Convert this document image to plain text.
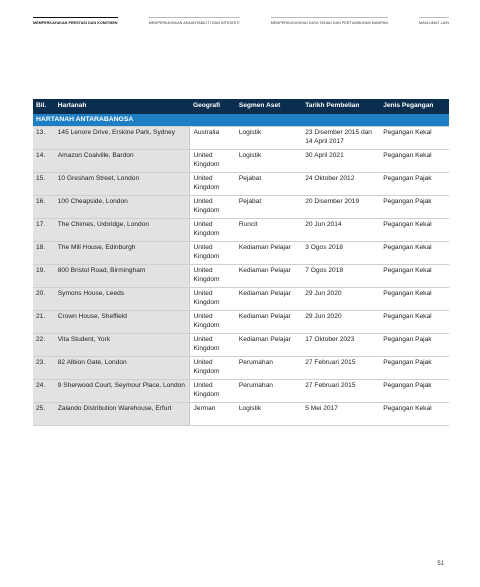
MEMPERKAYAKAN PRESTASI DAN KOMITMEN	MEMPERKAYAKAN AKAUNTABILITI DAN INTEGRITI	MEMPERKUKUHKAN DAYA TAHAN DAN PERTUMBUHAN MAMPAN	MAKLUMAT LAIN
Bil.	Hartanah	Geografi	Segmen Aset	Tarikh Pembelian	Jenis Pegangan
HARTANAH ANTARABANGSA					
13.	145 Lenore Drive, Erskine Park, Sydney	Australia	Logistik	23 Disember 2015 dan 14 April 2017	Pegangan Kekal
14.	Amazon Coalville, Bardon	United Kingdom	Logistik	30 April 2021	Pegangan Kekal
15.	10 Gresham Street, London	United Kingdom	Pejabat	24 Oktober 2012	Pegangan Pajak
16.	100 Cheapside, London	United Kingdom	Pejabat	20 Disember 2019	Pegangan Pajak
17.	The Chimes, Uxbridge, London	United Kingdom	Runcit	20 Jun 2014	Pegangan Kekal
18.	The Mill House, Edinburgh	United Kingdom	Kediaman Pelajar	3 Ogos 2018	Pegangan Kekal
19.	800 Bristol Road, Birmingham	United Kingdom	Kediaman Pelajar	7 Ogos 2018	Pegangan Kekal
20.	Symons House, Leeds	United Kingdom	Kediaman Pelajar	29 Jun 2020	Pegangan Kekal
21.	Crown House, Sheffield	United Kingdom	Kediaman Pelajar	29 Jun 2020	Pegangan Kekal
22.	Vita Student, York	United Kingdom	Kediaman Pelajar	17 Oktober 2023	Pegangan Pajak
23.	82 Albion Gate, London	United Kingdom	Perumahan	27 Februari 2015	Pegangan Pajak
24.	9 Sherwood Court, Seymour Place, London	United Kingdom	Perumahan	27 Februari 2015	Pegangan Pajak
25.	Zalando Distribution Warehouse, Erfurt	Jerman	Logistik	5 Mei 2017	Pegangan Kekal
51
